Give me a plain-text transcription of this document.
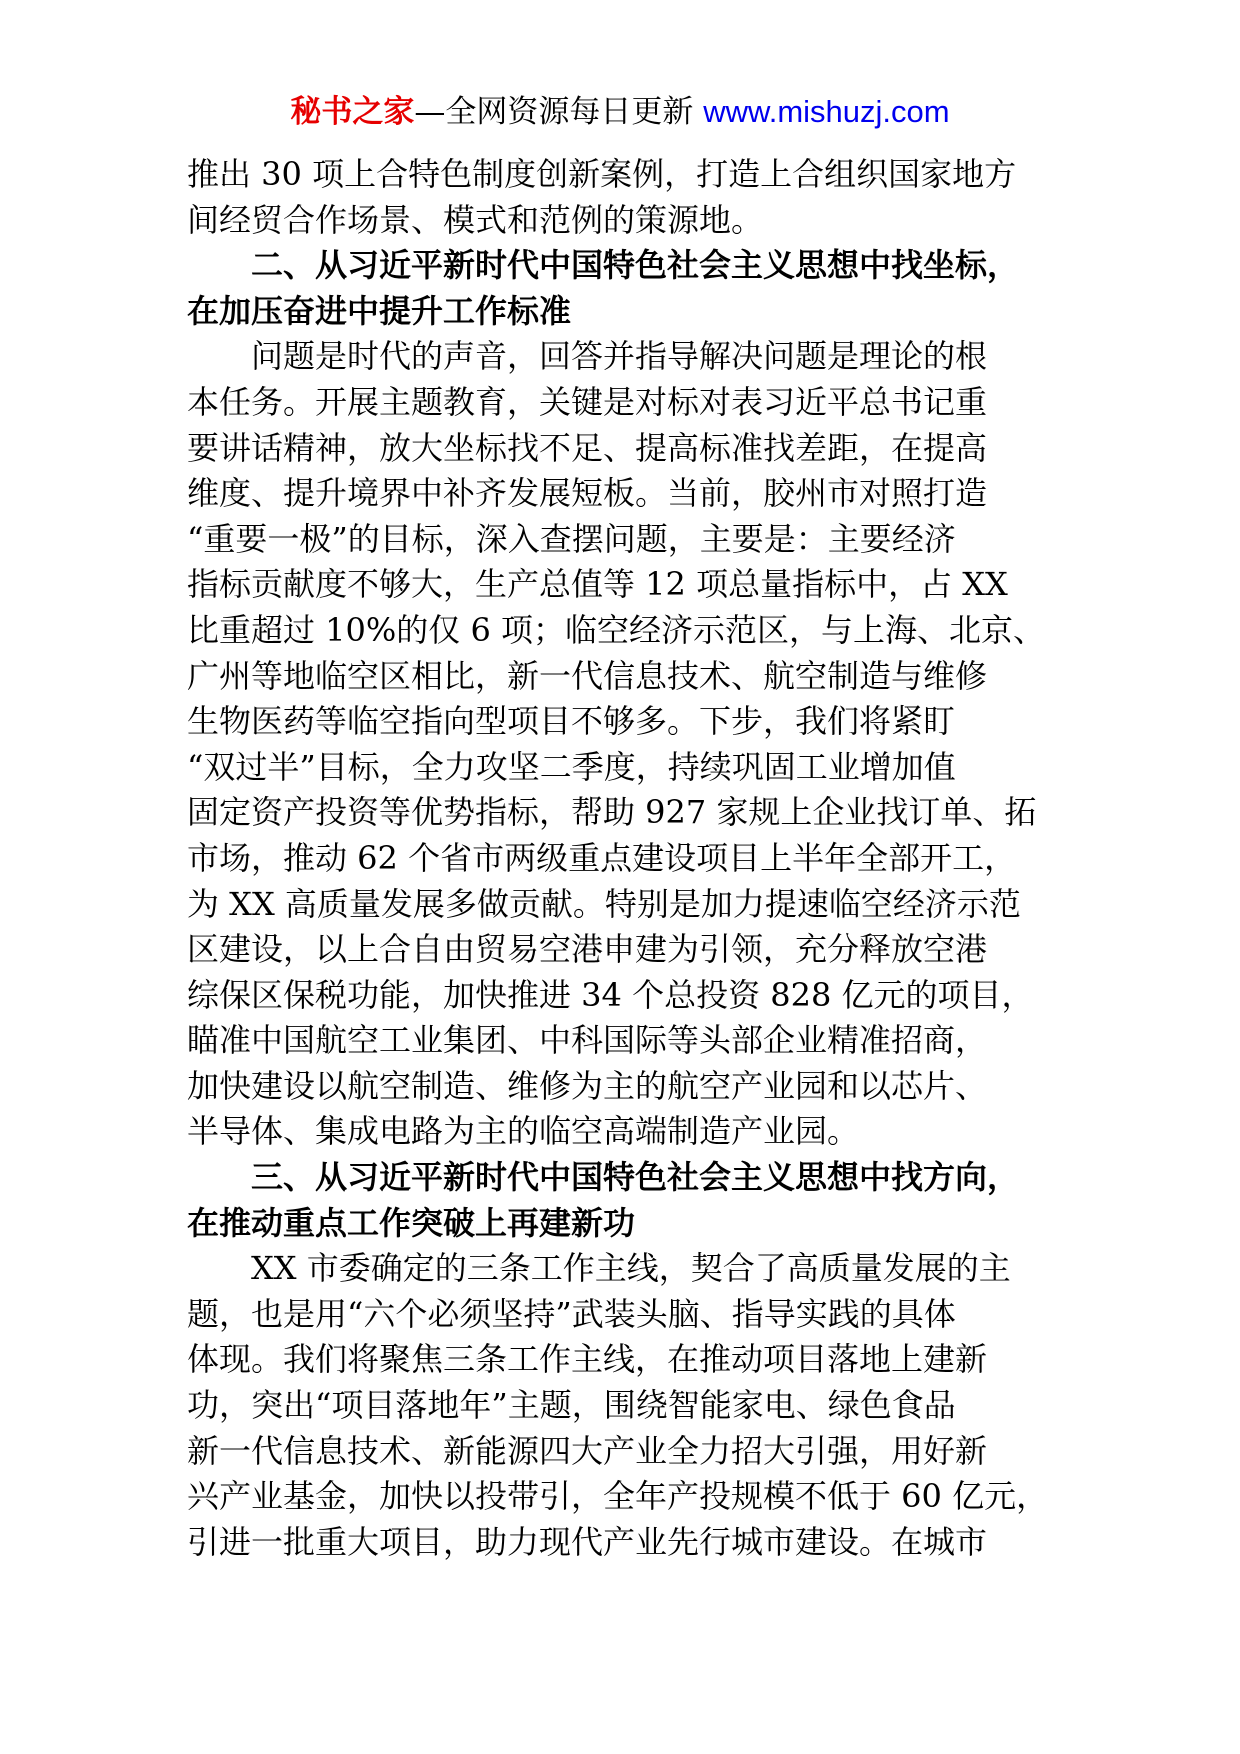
秘书之家—全网资源每日更新 www.mishuzj.com
推出 30 项上合特色制度创新案例，打造上合组织国家地方
间经贸合作场景、模式和范例的策源地。
二、从习近平新时代中国特色社会主义思想中找坐标，
在加压奋进中提升工作标准
问题是时代的声音，回答并指导解决问题是理论的根
本任务。开展主题教育，关键是对标对表习近平总书记重
要讲话精神，放大坐标找不足、提高标准找差距，在提高
维度、提升境界中补齐发展短板。当前，胶州市对照打造
“重要一极”的目标，深入查摆问题，主要是：主要经济
指标贡献度不够大，生产总值等 12 项总量指标中，占 XX
比重超过 10%的仅 6 项；临空经济示范区，与上海、北京、
广州等地临空区相比，新一代信息技术、航空制造与维修
生物医药等临空指向型项目不够多。下步，我们将紧盯
“双过半”目标，全力攻坚二季度，持续巩固工业增加值
固定资产投资等优势指标，帮助 927 家规上企业找订单、拓
市场，推动 62 个省市两级重点建设项目上半年全部开工，
为 XX 高质量发展多做贡献。特别是加力提速临空经济示范
区建设，以上合自由贸易空港申建为引领，充分释放空港
综保区保税功能，加快推进 34 个总投资 828 亿元的项目，
瞄准中国航空工业集团、中科国际等头部企业精准招商，
加快建设以航空制造、维修为主的航空产业园和以芯片、
半导体、集成电路为主的临空高端制造产业园。
三、从习近平新时代中国特色社会主义思想中找方向，
在推动重点工作突破上再建新功
XX 市委确定的三条工作主线，契合了高质量发展的主
题，也是用“六个必须坚持”武装头脑、指导实践的具体
体现。我们将聚焦三条工作主线，在推动项目落地上建新
功，突出“项目落地年”主题，围绕智能家电、绿色食品
新一代信息技术、新能源四大产业全力招大引强，用好新
兴产业基金，加快以投带引，全年产投规模不低于 60 亿元，
引进一批重大项目，助力现代产业先行城市建设。在城市
